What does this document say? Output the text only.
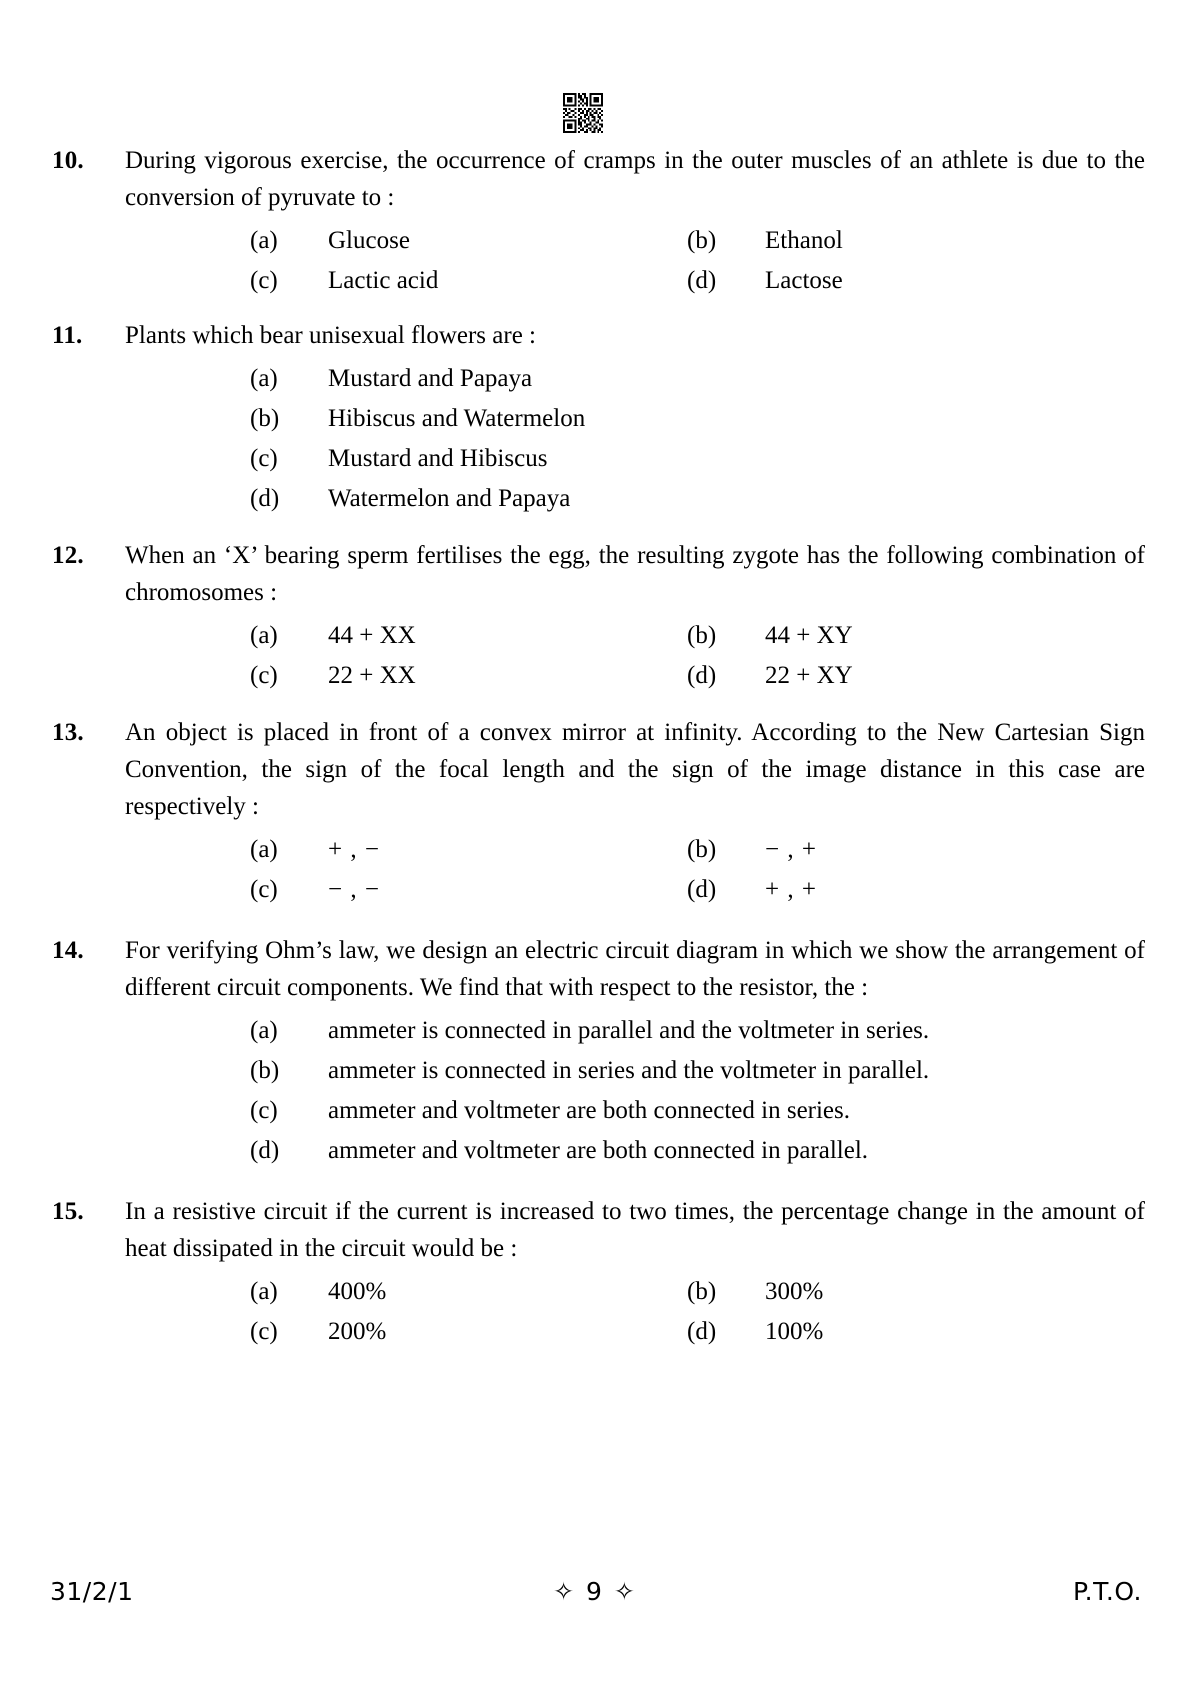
10. During vigorous exercise, the occurrence of cramps in the outer muscles of an athlete is due to the conversion of pyruvate to :

(a) Glucose	(b) Ethanol
(c) Lactic acid	(d) Lactose
11. Plants which bear unisexual flowers are :

(a) Mustard and Papaya
(b) Hibiscus and Watermelon
(c) Mustard and Hibiscus
(d) Watermelon and Papaya
12. When an ‘X’ bearing sperm fertilises the egg, the resulting zygote has the following combination of chromosomes :

(a) 44 + XX	(b) 44 + XY
(c) 22 + XX	(d) 22 + XY
13. An object is placed in front of a convex mirror at infinity. According to the New Cartesian Sign Convention, the sign of the focal length and the sign of the image distance in this case are respectively :

(a) + , −	(b) − , +
(c) − , −	(d) + , +
14. For verifying Ohm’s law, we design an electric circuit diagram in which we show the arrangement of different circuit components. We find that with respect to the resistor, the :

(a) ammeter is connected in parallel and the voltmeter in series.
(b) ammeter is connected in series and the voltmeter in parallel.
(c) ammeter and voltmeter are both connected in series.
(d) ammeter and voltmeter are both connected in parallel.
15. In a resistive circuit if the current is increased to two times, the percentage change in the amount of heat dissipated in the circuit would be :

(a) 400%	(b) 300%
(c) 200%	(d) 100%
31/2/1	✧ 9 ✧	P.T.O.
